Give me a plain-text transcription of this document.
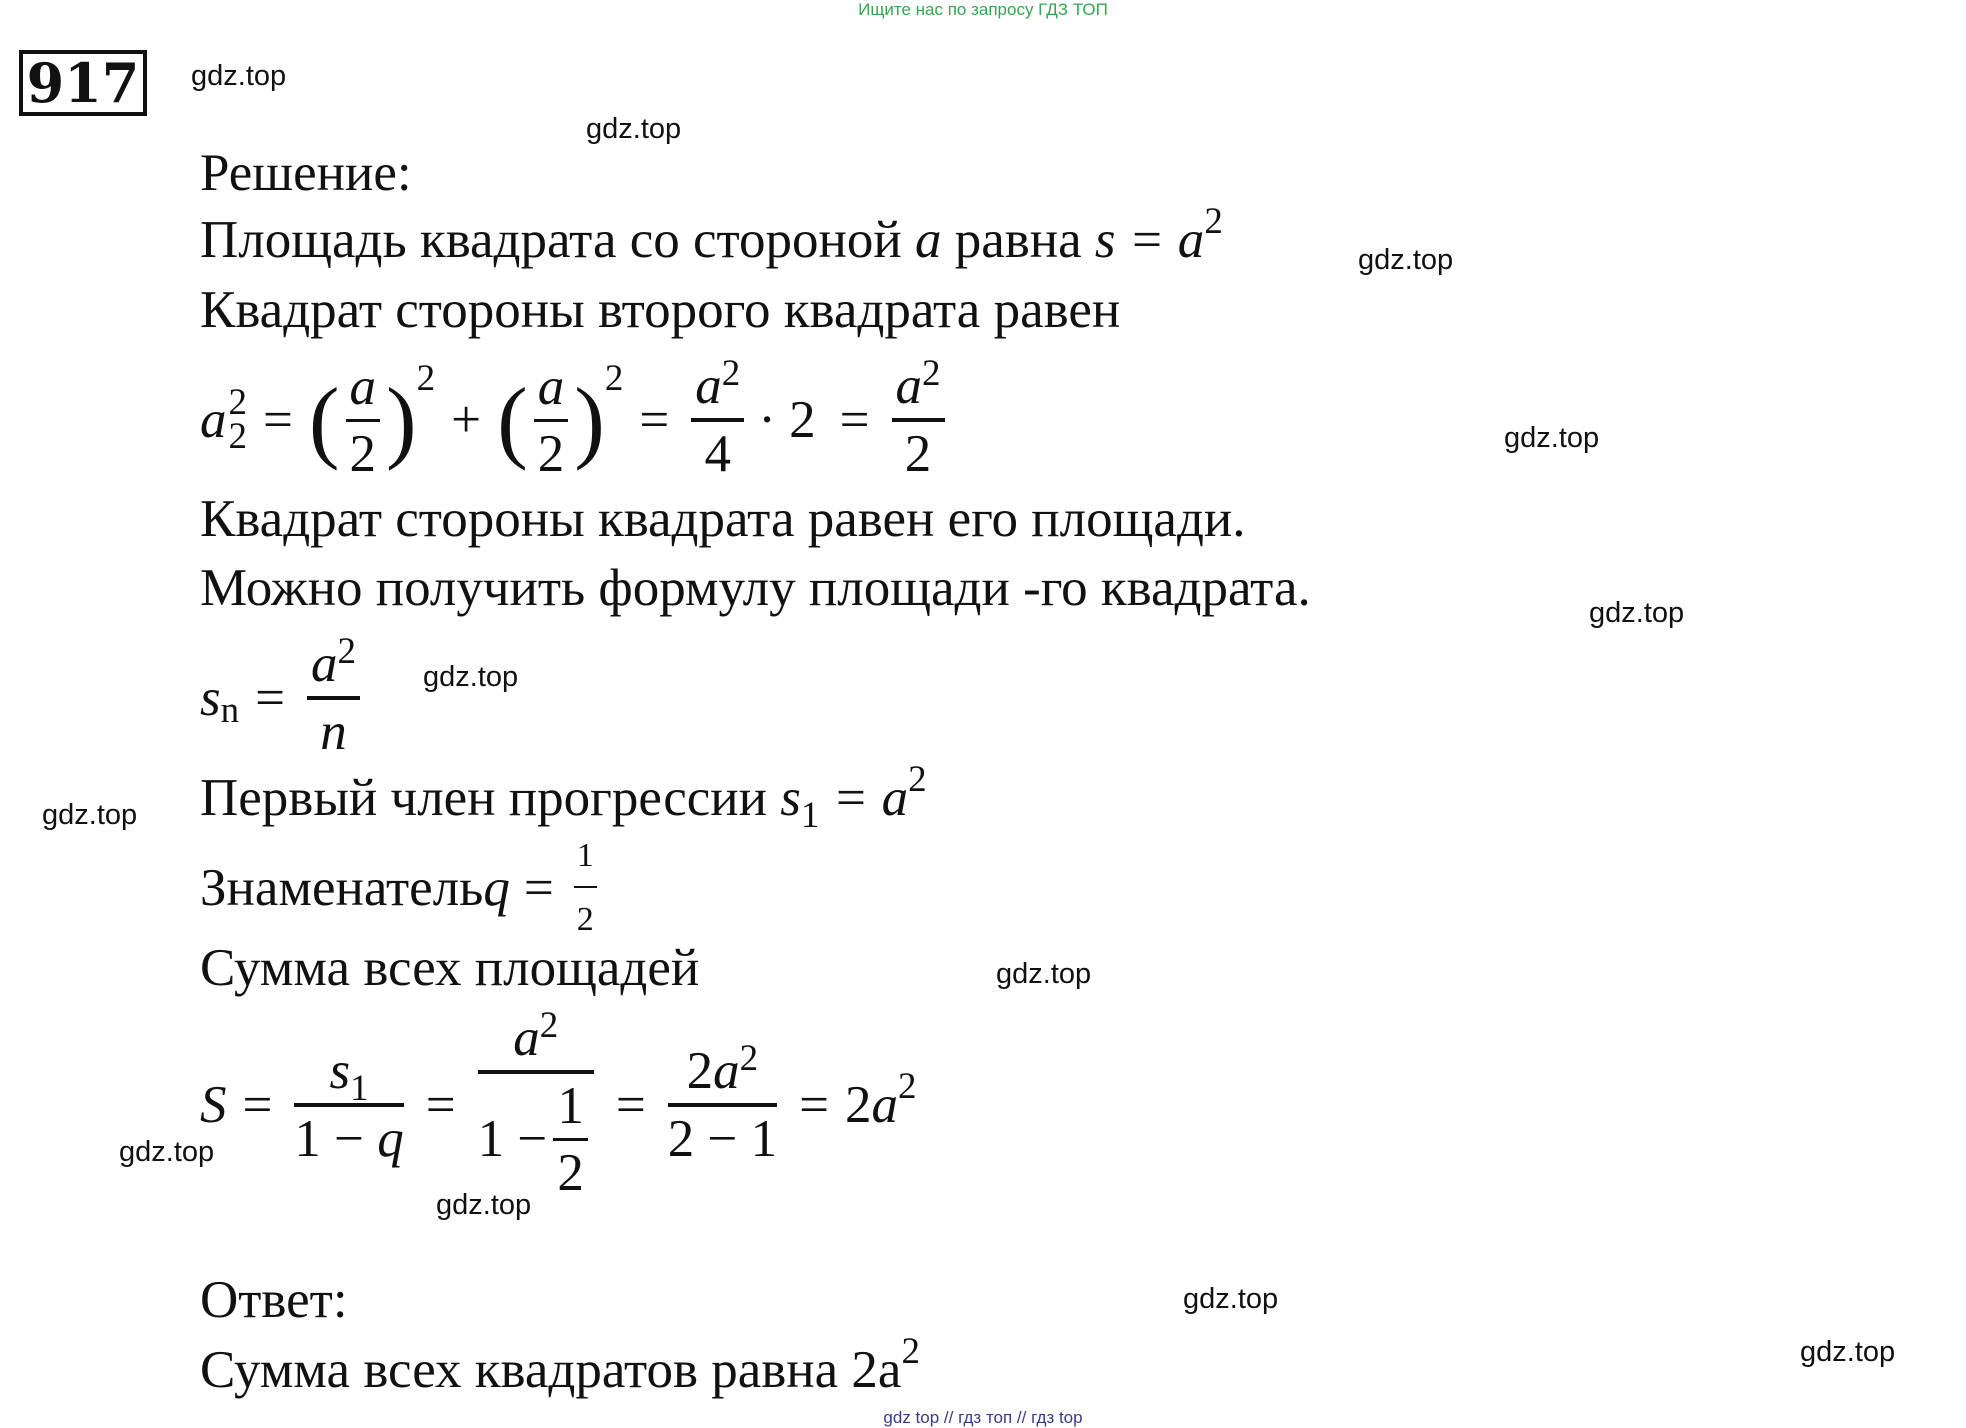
Ищите нас по запросу ГДЗ ТОП
917 gdz.top
gdz.top
gdz.top
gdz.top
gdz.top
gdz.top
gdz.top
gdz.top
gdz.top
gdz.top
gdz.top
gdz.top
Решение:
Площадь квадрата со стороной a равна $s = a^2$
Квадрат стороны второго квадрата равен
a 2
2 = ( $\frac{a}{2}$ ) 2
+ ( $\frac{a}{2}$ ) 2
= $\frac{a^2}{4} \cdot 2 = \frac{a^2}{2}$
Квадрат стороны квадрата равен его площади.
Можно получить формулу площади -го квадрата.
s $n = \frac{a^2}{n}$
Первый член прогрессии $s_1 = a^2$
Знаменатель $q = \frac{1}{2}$
Сумма всех площадей
$S = \frac{s_1}{1 - q} = \frac{a^2}{1 - \frac{1}{2}} = \frac{2a^2}{2 - 1} = 2a^2$
Ответ:
Сумма всех квадратов равна $2a^2$
gdz top // гдз топ // гдз top
